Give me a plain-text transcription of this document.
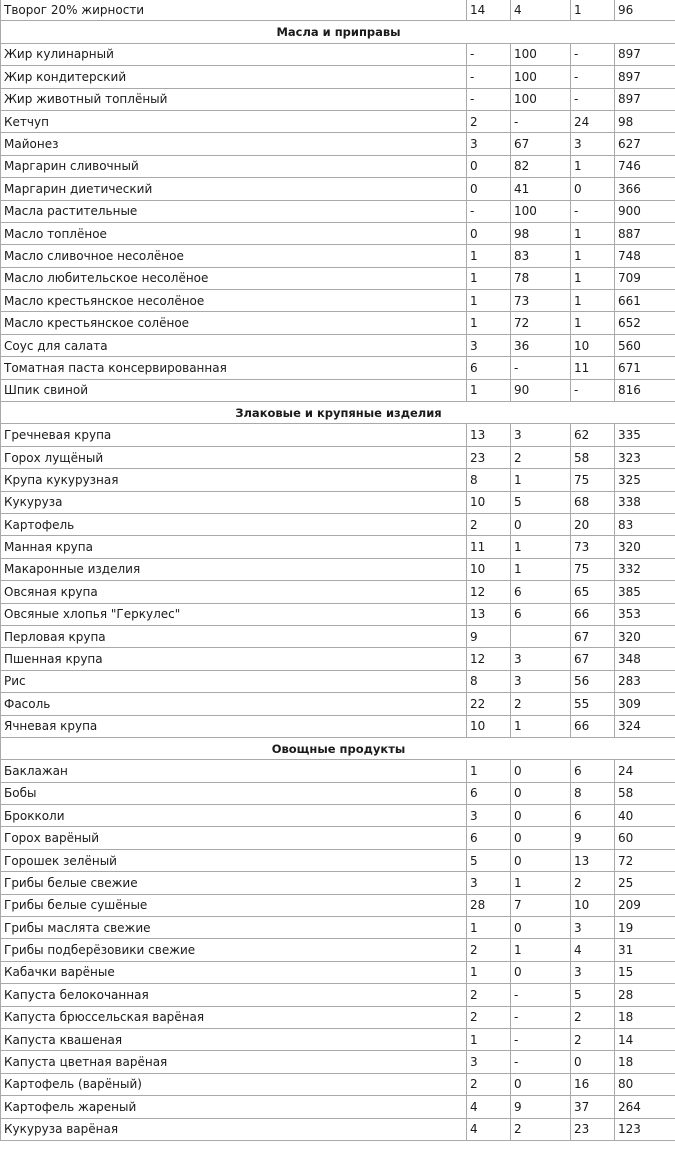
Творог 20% жирности	14	4	1	96
Масла и приправы				
Жир кулинарный	-	100	-	897
Жир кондитерский	-	100	-	897
Жир животный топлёный	-	100	-	897
Кетчуп	2	-	24	98
Майонез	3	67	3	627
Маргарин сливочный	0	82	1	746
Маргарин диетический	0	41	0	366
Масла растительные	-	100	-	900
Масло топлёное	0	98	1	887
Масло сливочное несолёное	1	83	1	748
Масло любительское несолёное	1	78	1	709
Масло крестьянское несолёное	1	73	1	661
Масло крестьянское солёное	1	72	1	652
Соус для салата	3	36	10	560
Томатная паста консервированная	6	-	11	671
Шпик свиной	1	90	-	816
Злаковые и крупяные изделия				
Гречневая крупа	13	3	62	335
Горох лущёный	23	2	58	323
Крупа кукурузная	8	1	75	325
Кукуруза	10	5	68	338
Картофель	2	0	20	83
Манная крупа	11	1	73	320
Макаронные изделия	10	1	75	332
Овсяная крупа	12	6	65	385
Овсяные хлопья "Геркулес"	13	6	66	353
Перловая крупа	9		67	320
Пшенная крупа	12	3	67	348
Рис	8	3	56	283
Фасоль	22	2	55	309
Ячневая крупа	10	1	66	324
Овощные продукты				
Баклажан	1	0	6	24
Бобы	6	0	8	58
Брокколи	3	0	6	40
Горох варёный	6	0	9	60
Горошек зелёный	5	0	13	72
Грибы белые свежие	3	1	2	25
Грибы белые сушёные	28	7	10	209
Грибы маслята свежие	1	0	3	19
Грибы подберёзовики свежие	2	1	4	31
Кабачки варёные	1	0	3	15
Капуста белокочанная	2	-	5	28
Капуста брюссельская варёная	2	-	2	18
Капуста квашеная	1	-	2	14
Капуста цветная варёная	3	-	0	18
Картофель (варёный)	2	0	16	80
Картофель жареный	4	9	37	264
Кукуруза варёная	4	2	23	123
